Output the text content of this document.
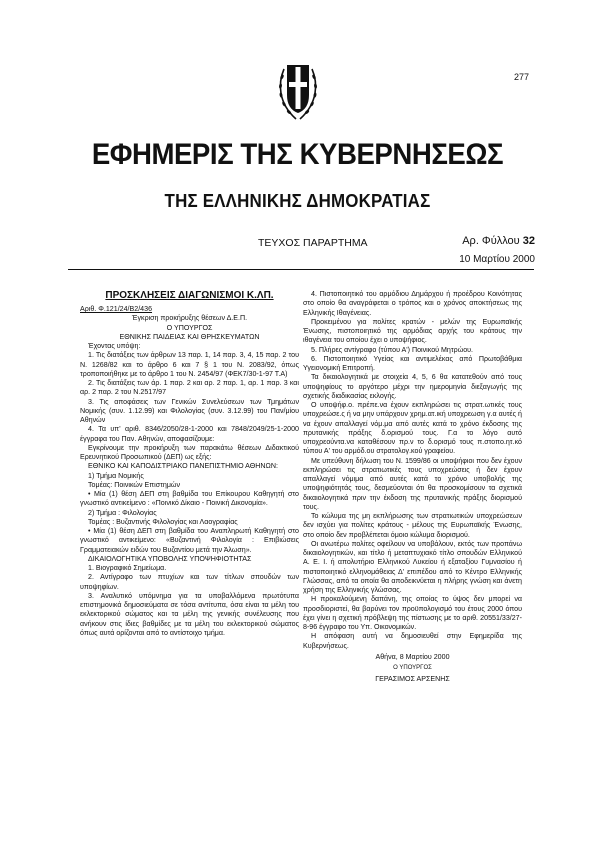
277
ΕΦΗΜΕΡΙΣ ΤΗΣ ΚΥΒΕΡΝΗΣΕΩΣ
ΤΗΣ ΕΛΛΗΝΙΚΗΣ ΔΗΜΟΚΡΑΤΙΑΣ
ΤΕΥΧΟΣ ΠΑΡΑΡΤΗΜΑ	Αρ. Φύλλου 32
10 Μαρτίου 2000
ΠΡΟΣΚΛΗΣΕΙΣ ΔΙΑΓΩΝΙΣΜΟΙ Κ.ΛΠ.

Αριθ. Φ.121/24/Β2/436

Έγκριση προκήρυξης θέσεων Δ.Ε.Π.

Ο ΥΠΟΥΡΓΟΣ

ΕΘΝΙΚΗΣ ΠΑΙΔΕΙΑΣ ΚΑΙ ΘΡΗΣΚΕΥΜΑΤΩΝ

Έχοντας υπόψη:

1. Τις διατάξεις των άρθρων 13 παρ. 1, 14 παρ. 3, 4, 15 παρ. 2 του Ν. 1268/82 και το άρθρο 6 και 7 § 1 του Ν. 2083/92, όπως τροποποιήθηκε με το άρθρο 1 του Ν. 2454/97 (ΦΕΚ7/30-1-97 Τ.Α)

2. Τις διατάξεις των άρ. 1 παρ. 2 και αρ. 2 παρ. 1, αρ. 1 παρ. 3 και αρ. 2 παρ. 2 του Ν.2517/97

3. Τις αποφάσεις των Γενικών Συνελεύσεων των Τμημάτων Νομικής (συν. 1.12.99) και Φιλολογίας (συν. 3.12.99) του Παν/μίου Αθηνών

4. Τα υπ' αριθ. 8346/2050/28-1-2000 και 7848/2049/25-1-2000 έγγραφα του Παν. Αθηνών, αποφασίζουμε:

Εγκρίνουμε την προκήρυξη των παρακάτω θέσεων Διδακτικού Ερευνητικού Προσωπικού (ΔΕΠ) ως εξής:

ΕΘΝΙΚΟ ΚΑΙ ΚΑΠΟΔΙΣΤΡΙΑΚΟ ΠΑΝΕΠΙΣΤΗΜΙΟ ΑΘΗΝΩΝ:

1) Τμήμα Νομικής

Τομέας: Ποινικών Επιστημών

• Μία (1) θέση ΔΕΠ στη βαθμίδα του Επίκουρου Καθηγητή στο γνωστικό αντικείμενο : «Ποινικό Δίκαιο - Ποινική Δικονομία».

2) Τμήμα : Φιλολογίας

Τομέας : Βυζαντινής Φιλολογίας και Λαογραφίας

• Μία (1) θέση ΔΕΠ στη βαθμίδα του Αναπληρωτή Καθηγητή στο γνωστικό αντικείμενο: «Βυζαντινή Φιλολογία : Επιβιώσεις Γραμματειακών ειδών του Βυζαντίου μετά την Άλωση».

ΔΙΚΑΙΟΛΟΓΗΤΙΚΑ ΥΠΟΒΟΛΗΣ ΥΠΟΨΗΦΙΟΤΗΤΑΣ

1. Βιογραφικό Σημείωμα.

2. Αντίγραφο των πτυχίων και των τίτλων σπουδών των υποψηφίων.

3. Αναλυτικό υπόμνημα για τα υποβαλλόμενα πρωτότυπα επιστημονικά δημοσιεύματα σε τόσα αντίτυπα, όσα είναι τα μέλη του εκλεκτορικού σώματος και τα μέλη της γενικής συνέλευσης που ανήκουν στις ίδιες βαθμίδες με τα μέλη του εκλεκτορικού σώματος όπως αυτά ορίζονται από το αντίστοιχο τμήμα.

4. Πιστοποιητικό του αρμόδιου Δημάρχου ή προέδρου Κοινότητας στο οποίο θα αναγράφεται ο τρόπος και ο χρόνος αποκτήσεως της Ελληνικής Ιθαγένειας.

Προκειμένου για πολίτες κρατών - μελών της Ευρωπαϊκής Ένωσης, πιστοποιητικό της αρμόδιας αρχής του κράτους την ιθαγένεια του οποίου έχει ο υποψήφιος.

5. Πλήρες αντίγραφο (τύπου Α') Ποινικού Μητρώου.

6. Πιστοποιητικό Υγείας και αντιμελέκας από Πρωτοβάθμια Υγειονομική Επιτροπή.

Τα δικαιολογητικά με στοιχεία 4, 5, 6 θα κατατεθούν από τους υποψηφίους το αργότερο μέχρι την ημερομηνία διεξαγωγής της σχετικής διαδικασίας εκλογής.

Ο υποψήφ.ο. πρέπε.να έχουν εκπληρώσει τις στρατ.ωτικές τους υποχρεώσε.ς ή να μην υπάρχουν χρημ.ατ.ική υποχρεωση γ.α αυτές ή να έχουν απαλλαγεί νόμ.μα από αυτές κατά το χρόνο έκδοσης της πρυτανικής πράξης δ.ορισμού τους. Γ.α το λόγο αυτό υποχρεούντα.να καταθέσουν πρ.ν το δ.ορισμό τους π.στοπο.ητ.κό τύπου Α' του αρμόδ.ου στρατολογ.κού γραφείου.

Με υπεύθυνη δήλωση του Ν. 1599/86 οι υποψήφιοι που δεν έχουν εκπληρώσει τις στρατιωτικές τους υποχρεώσεις ή δεν έχουν απαλλαγεί νόμιμα από αυτές κατά το χρόνο υποβολής της υποψηφιότητάς τους, δεσμεύονται ότι θα προσκομίσουν τα σχετικά δικαιολογητικά πριν την έκδοση της πρυτανικής πράξης διορισμού τους.

Το κώλυμα της μη εκπλήρωσης των στρατιωτικών υποχρεώσεων δεν ισχύει για πολίτες κράτους - μέλους της Ευρωπαϊκής Ένωσης, στο οποίο δεν προβλέπεται όμοιο κώλυμα διορισμού.

Οι ανωτέρω πολίτες οφείλουν να υποβάλουν, εκτός των προπάνω δικαιολογητικών, και τίτλο ή μεταπτυχιακό τίτλο σπουδών Ελληνικού Α. Ε. Ι. ή απολυτήριο Ελληνικού Λυκείου ή εξαταξίου Γυμνασίου ή πιστοποιητικό ελληνομάθειας Δ' επιπέδου από το Κέντρο Ελληνικής Γλώσσας, από τα οποία θα αποδεικνύεται η πλήρης γνώση και άνετη χρήση της Ελληνικής γλώσσας.

Η προκαλούμενη δαπάνη, της οποίας το ύψος δεν μπορεί να προσδιοριστεί, θα βαρύνει τον προϋπολογισμό του έτους 2000 όπου έχει γίνει η σχετική πρόβλεψη της πίστωσης με το αριθ. 20551/33/27-8-96 έγγραφο του Υπ. Οικονομικών.

Η απόφαση αυτή να δημοσιευθεί στην Εφημερίδα της Κυβερνήσεως.

Αθήνα, 8 Μαρτίου 2000

Ο ΥΠΟΥΡΓΟΣ

ΓΕΡΑΣΙΜΟΣ ΑΡΣΕΝΗΣ
